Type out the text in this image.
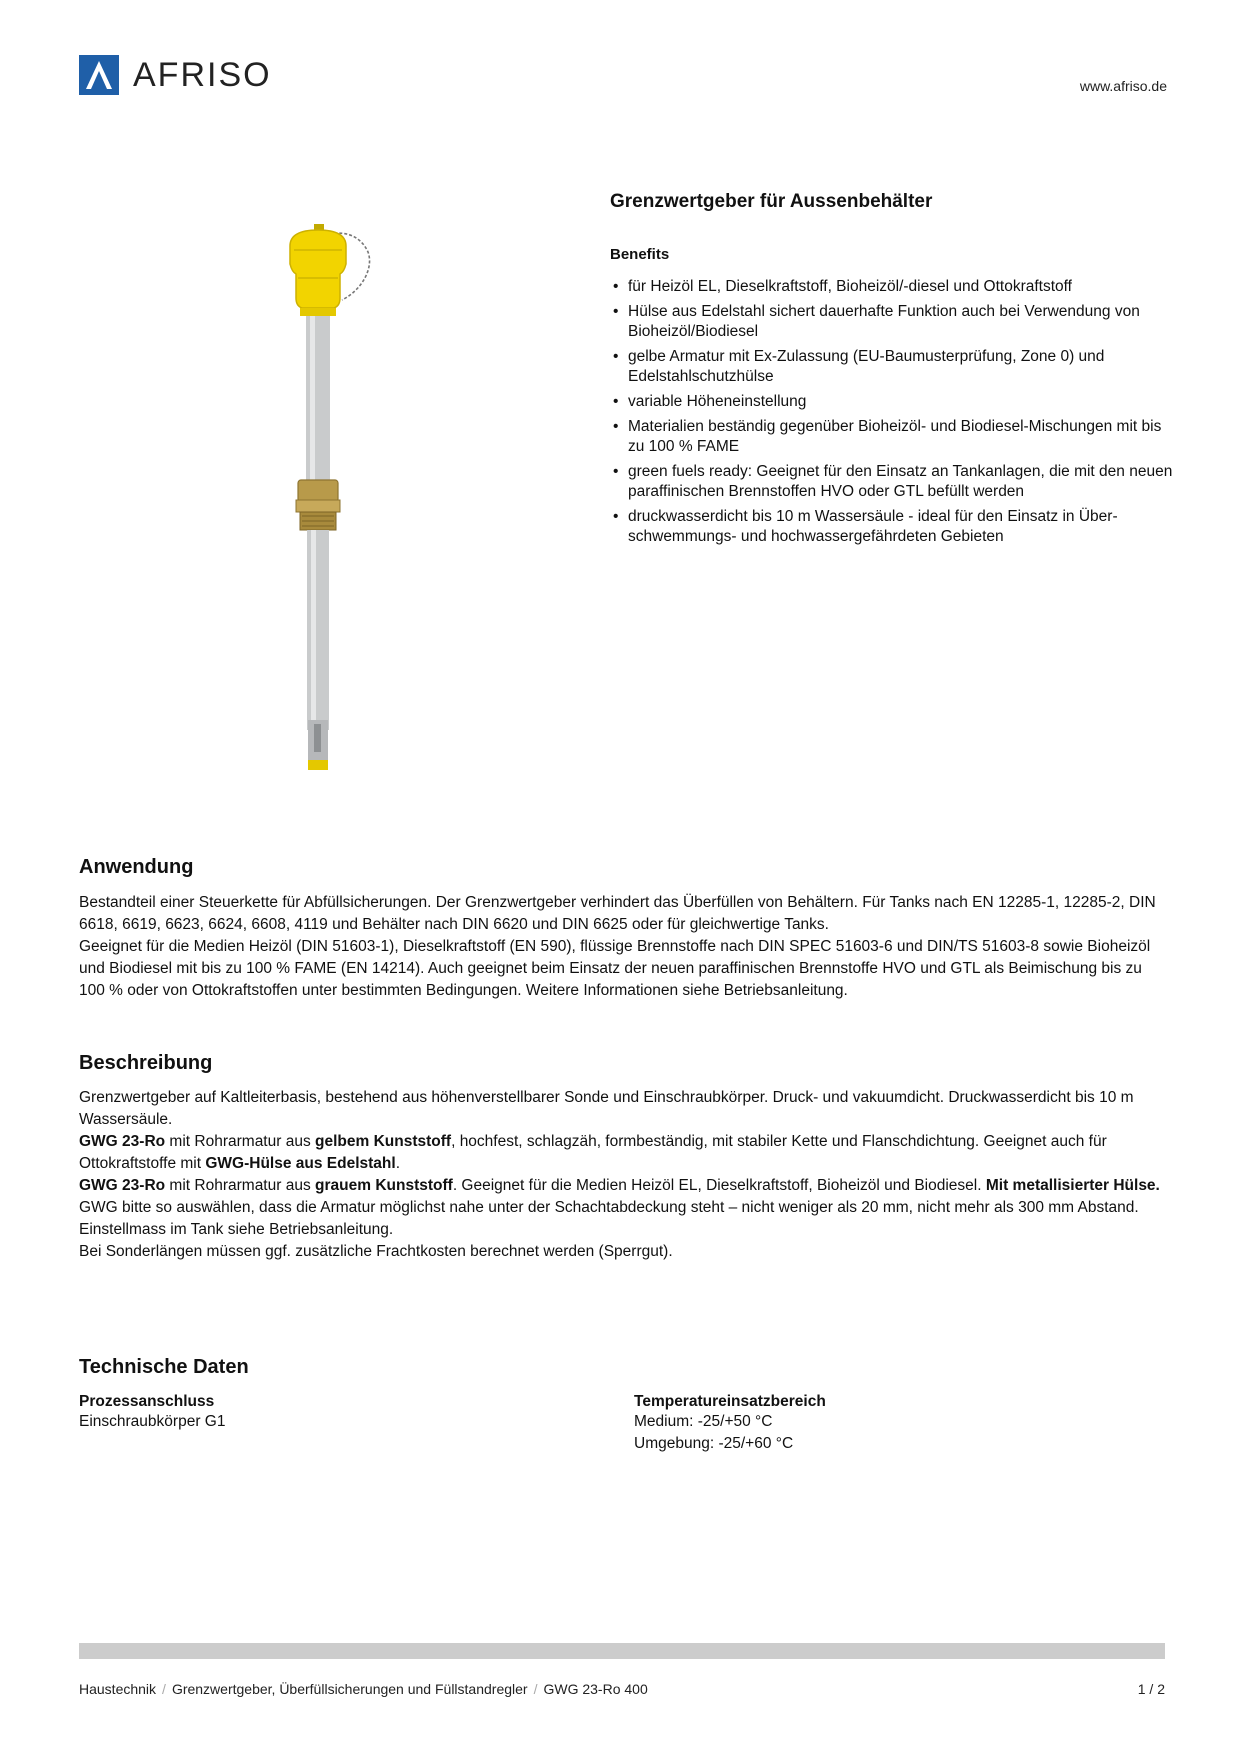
AFRISO	www.afriso.de
Grenzwertgeber für Aussenbehälter
Benefits
• für Heizöl EL, Dieselkraftstoff, Bioheizöl/-diesel und Ottokraftstoff
• Hülse aus Edelstahl sichert dauerhafte Funktion auch bei Verwendung von Bioheizöl/Biodiesel
• gelbe Armatur mit Ex-Zulassung (EU-Baumusterprüfung, Zone 0) und Edelstahlschutzhülse
• variable Höheneinstellung
• Materialien beständig gegenüber Bioheizöl- und Biodiesel-Mischungen mit bis zu 100 % FAME
• green fuels ready: Geeignet für den Einsatz an Tankanlagen, die mit den neuen paraffinischen Brennstoffen HVO oder GTL befüllt werden
• druckwasserdicht bis 10 m Wassersäule - ideal für den Einsatz in Überschwemmungs- und hochwassergefährdeten Gebieten
Anwendung

Bestandteil einer Steuerkette für Abfüllsicherungen. Der Grenzwertgeber verhindert das Überfüllen von Behältern. Für Tanks nach EN 12285-1, 12285-2, DIN 6618, 6619, 6623, 6624, 6608, 4119 und Behälter nach DIN 6620 und DIN 6625 oder für gleichwertige Tanks.

Geeignet für die Medien Heizöl (DIN 51603-1), Dieselkraftstoff (EN 590), flüssige Brennstoffe nach DIN SPEC 51603-6 und DIN/TS 51603-8 sowie Bioheizöl und Biodiesel mit bis zu 100 % FAME (EN 14214). Auch geeignet beim Einsatz der neuen paraffinischen Brennstoffe HVO und GTL als Beimischung bis zu 100 % oder von Ottokraftstoffen unter bestimmten Bedingungen. Weitere Informationen siehe Betriebsanleitung.

Beschreibung

Grenzwertgeber auf Kaltleiterbasis, bestehend aus höhenverstellbarer Sonde und Einschraubkörper. Druck- und vakuumdicht. Druckwasserdicht bis 10 m Wassersäule.

GWG 23-Ro mit Rohrarmatur aus gelbem Kunststoff, hochfest, schlagzäh, formbeständig, mit stabiler Kette und Flanschdichtung. Geeignet auch für Ottokraftstoffe mit GWG-Hülse aus Edelstahl.

GWG 23-Ro mit Rohrarmatur aus grauem Kunststoff. Geeignet für die Medien Heizöl EL, Dieselkraftstoff, Bioheizöl und Biodiesel. Mit metallisierter Hülse.

GWG bitte so auswählen, dass die Armatur möglichst nahe unter der Schachtabdeckung steht – nicht weniger als 20 mm, nicht mehr als 300 mm Abstand. Einstellmass im Tank siehe Betriebsanleitung.

Bei Sonderlängen müssen ggf. zusätzliche Frachtkosten berechnet werden (Sperrgut).

Technische Daten
Prozessanschluss
Einschraubkörper G1
Temperatureinsatzbereich
Medium: -25/+50 °C
Umgebung: -25/+60 °C
Haustechnik / Grenzwertgeber, Überfüllsicherungen und Füllstandregler / GWG 23-Ro 400	1 / 2
